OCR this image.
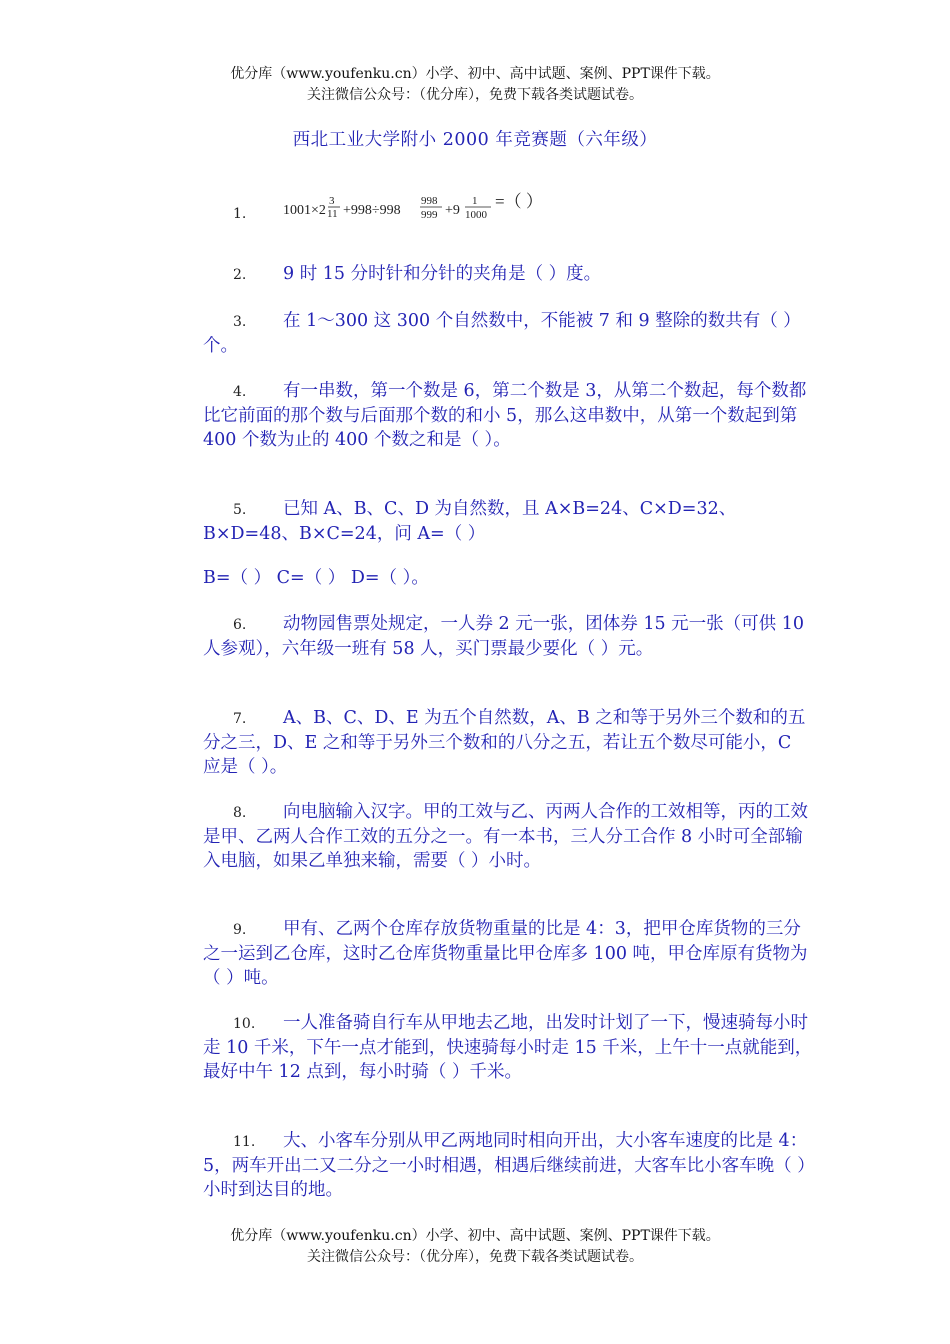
优分库（www.youfenku.cn）小学、初中、高中试题、案例、PPT课件下载。
关注微信公众号：（优分库），免费下载各类试题试卷。
西北工业大学附小 2000 年竞赛题（六年级）
1.	1001×2
3
11 +998÷998
998
999 +9
1
1000
=（ ）
2. 9 时 15 分时针和分针的夹角是（ ）度。
3. 在 1～300 这 300 个自然数中，不能被 7 和 9 整除的数共有（ ）个。
4. 有一串数，第一个数是 6，第二个数是 3，从第二个数起，每个数都比它前面的那个数与后面那个数的和小 5，那么这串数中，从第一个数起到第 400 个数为止的 400 个数之和是（ ）。
5. 已知 A、B、C、D 为自然数，且 A×B=24、C×D=32、B×D=48、B×C=24，问 A=（ ）
B=（ ） C=（ ） D=（ ）。
6. 动物园售票处规定，一人券 2 元一张，团体券 15 元一张（可供 10 人参观），六年级一班有 58 人，买门票最少要化（ ）元。
7. A、B、C、D、E 为五个自然数，A、B 之和等于另外三个数和的五分之三，D、E 之和等于另外三个数和的八分之五，若让五个数尽可能小，C 应是（ ）。
8. 向电脑输入汉字。甲的工效与乙、丙两人合作的工效相等，丙的工效是甲、乙两人合作工效的五分之一。有一本书，三人分工合作 8 小时可全部输入电脑，如果乙单独来输，需要（ ）小时。
9. 甲有、乙两个仓库存放货物重量的比是 4：3，把甲仓库货物的三分之一运到乙仓库，这时乙仓库货物重量比甲仓库多 100 吨，甲仓库原有货物为（ ）吨。
10. 一人准备骑自行车从甲地去乙地，出发时计划了一下，慢速骑每小时走 10 千米，下午一点才能到，快速骑每小时走 15 千米，上午十一点就能到，最好中午 12 点到，每小时骑（ ）千米。
11. 大、小客车分别从甲乙两地同时相向开出，大小客车速度的比是 4：5，两车开出二又二分之一小时相遇，相遇后继续前进，大客车比小客车晚（ ）小时到达目的地。
优分库（www.youfenku.cn）小学、初中、高中试题、案例、PPT课件下载。
关注微信公众号：（优分库），免费下载各类试题试卷。
